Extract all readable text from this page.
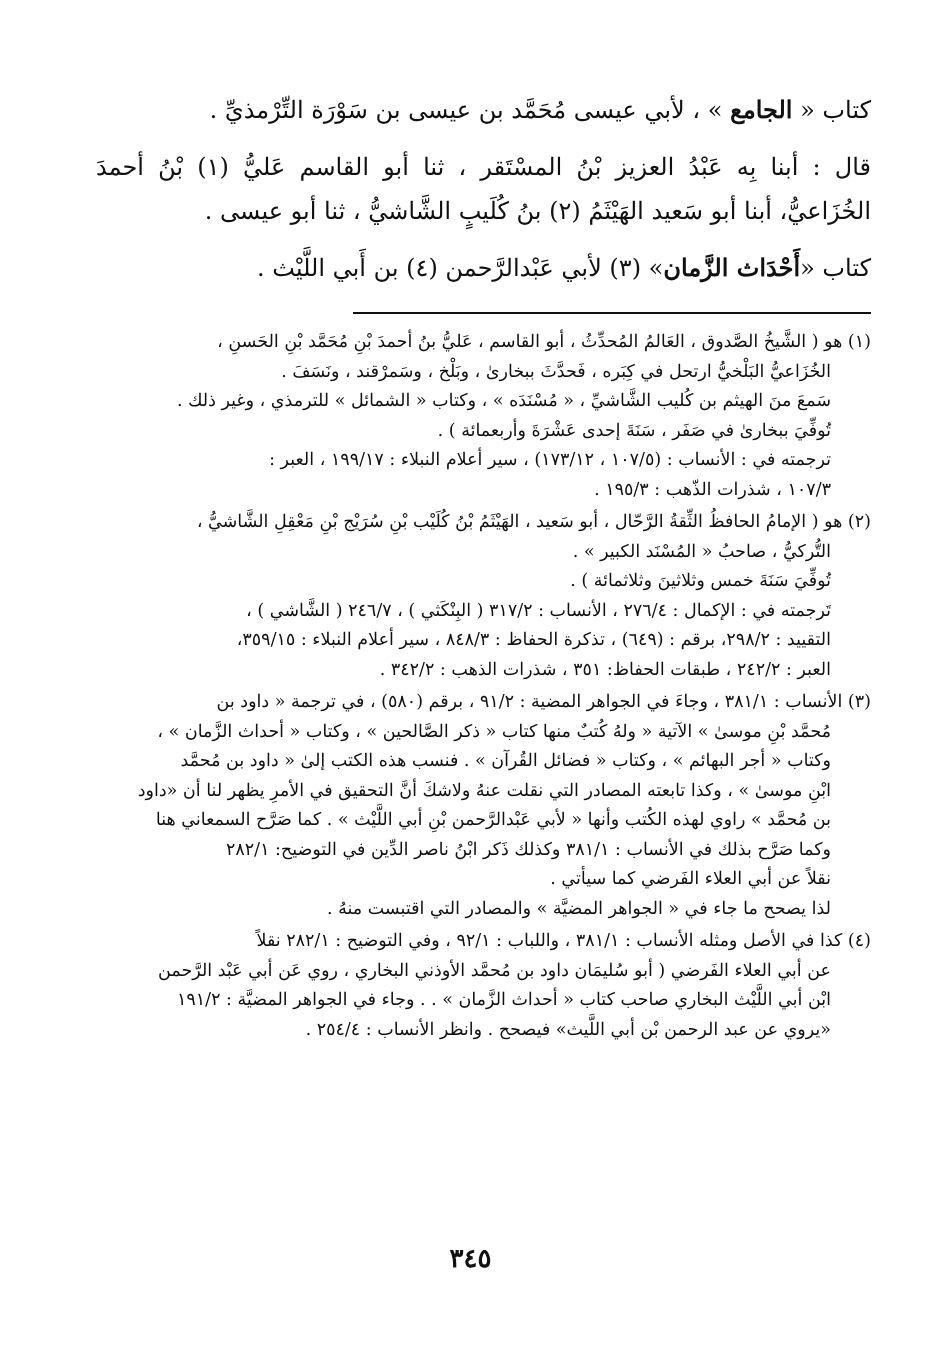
كتاب « الجامع » ، لأبي عيسى مُحَمَّد بن عيسى بن سَوْرَة التِّرْمذيِّ .

قال : أبنا بِه عَبْدُ العزيز بْنُ المسْتَقر ، ثنا أبو القاسم عَليُّ (١) بْنُ أحمدَ الخُزَاعيُّ، أبنا أبو سَعيد الهَيْثَمُ (٢) بنُ كُلَيبٍ الشَّاشيُّ ، ثنا أبو عيسى .

كتاب «أَحْدَاث الزَّمان» (٣) لأبي عَبْدالرَّحمن (٤) بن أَبي اللَّيْث .

(١) هو ( الشَّيخُ الصَّدوق ، العَالمُ المُحدِّثُ ، أبو القاسم ، عَليُّ بنُ أحمدَ بْنِ مُحَمَّد بْنِ الحَسنِ ،
الخُزَاعيُّ البَلْخيُّ ارتحل في كِبَره ، فَحدَّثَ ببخارىٰ ، وبَلْخ ، وسَمرْقند ، ونَسَفَ .
سَمعَ منَ الهيثم بن كُليب الشَّاشيِّ ، « مُسْنَدَه » ، وكتاب « الشمائل » للترمذي ، وغير ذلك .
تُوفِّيَ ببخارىٰ في صَفَر ، سَنَةَ إحدى عَشْرَةَ وأربعمائة ) .
ترجمته في : الأنساب : (١٠٧/٥ ، ١٧٣/١٢) ، سير أعلام النبلاء : ١٩٩/١٧ ، العبر :
١٠٧/٣ ، شذرات الذّهب : ١٩٥/٣ .
(٢) هو ( الإمامُ الحافظُ الثِّقةُ الرَّحّال ، أبو سَعيد ، الهَيْثَمُ بْنُ كُلَيْب بْنِ سُرَيْج بْنِ مَعْقِلِ الشَّاشيُّ ،
التُّركيُّ ، صاحبُ « المُسْنَد الكبير » .
تُوفِّيَ سَنَةَ خمس وثلاثينَ وثلاثمائة ) .
تَرجمته في : الإكمال : ٢٧٦/٤ ، الأنساب : ٣١٧/٢ ( البِنْكَثي ) ، ٢٤٦/٧ ( الشَّاشي ) ،
التقييد : ٢٩٨/٢، برقم : (٦٤٩) ، تذكرة الحفاظ : ٨٤٨/٣ ، سير أعلام النبلاء : ٣٥٩/١٥،
العبر : ٢٤٢/٢ ، طبقات الحفاظ: ٣٥١ ، شذرات الذهب : ٣٤٢/٢ .
(٣) الأنساب : ٣٨١/١ ، وجاءَ في الجواهر المضية : ٩١/٢ ، برقم (٥٨٠) ، في ترجمة « داود بن
مُحمَّد بْنِ موسىٰ » الآتية « ولهُ كُتبٌ منها كتاب « ذكر الصَّالحين » ، وكتاب « أحداث الزَّمان » ،
وكتاب « أجر البهائم » ، وكتاب « فضائل القُرآن » . فنسب هذه الكتب إلىٰ « داود بن مُحمَّد
ابْنِ موسىٰ » ، وكذا تابعته المصادر التي نقلت عنهُ ولاشكَ أنَّ التحقيق في الأمرِ يظهر لنا أن «داود
بن مُحمَّد » راوي لهذه الكُتب وأنها « لأبي عَبْدالرَّحمن بْنِ أبي اللَّيْث » . كما صَرَّح السمعاني هنا
وكما صَرَّح بذلك في الأنساب : ٣٨١/١ وكذلك ذَكر ابْنُ ناصر الدِّين في التوضيح: ٢٨٢/١
نقلاً عن أبي العلاء الفَرضي كما سيأتي .
لذا يصحح ما جاء في « الجواهر المضيَّة » والمصادر التي اقتبست منهُ .
(٤) كذا في الأصل ومثله الأنساب : ٣٨١/١ ، واللباب : ٩٢/١ ، وفي التوضيح : ٢٨٢/١ نقلاً
عن أبي العلاء الفَرضي ( أبو سُليمَان داود بن مُحمَّد الأوذني البخاري ، روي عَن أبي عَبْد الرَّحمن
ابْن أبي اللَّيْث البخاري صاحب كتاب « أحداث الزَّمان » . . وجاء في الجواهر المضيَّة : ١٩١/٢
«يروي عن عبد الرحمن بْن أبي اللَّيث» فيصحح . وانظر الأنساب : ٢٥٤/٤ .
٣٤٥
